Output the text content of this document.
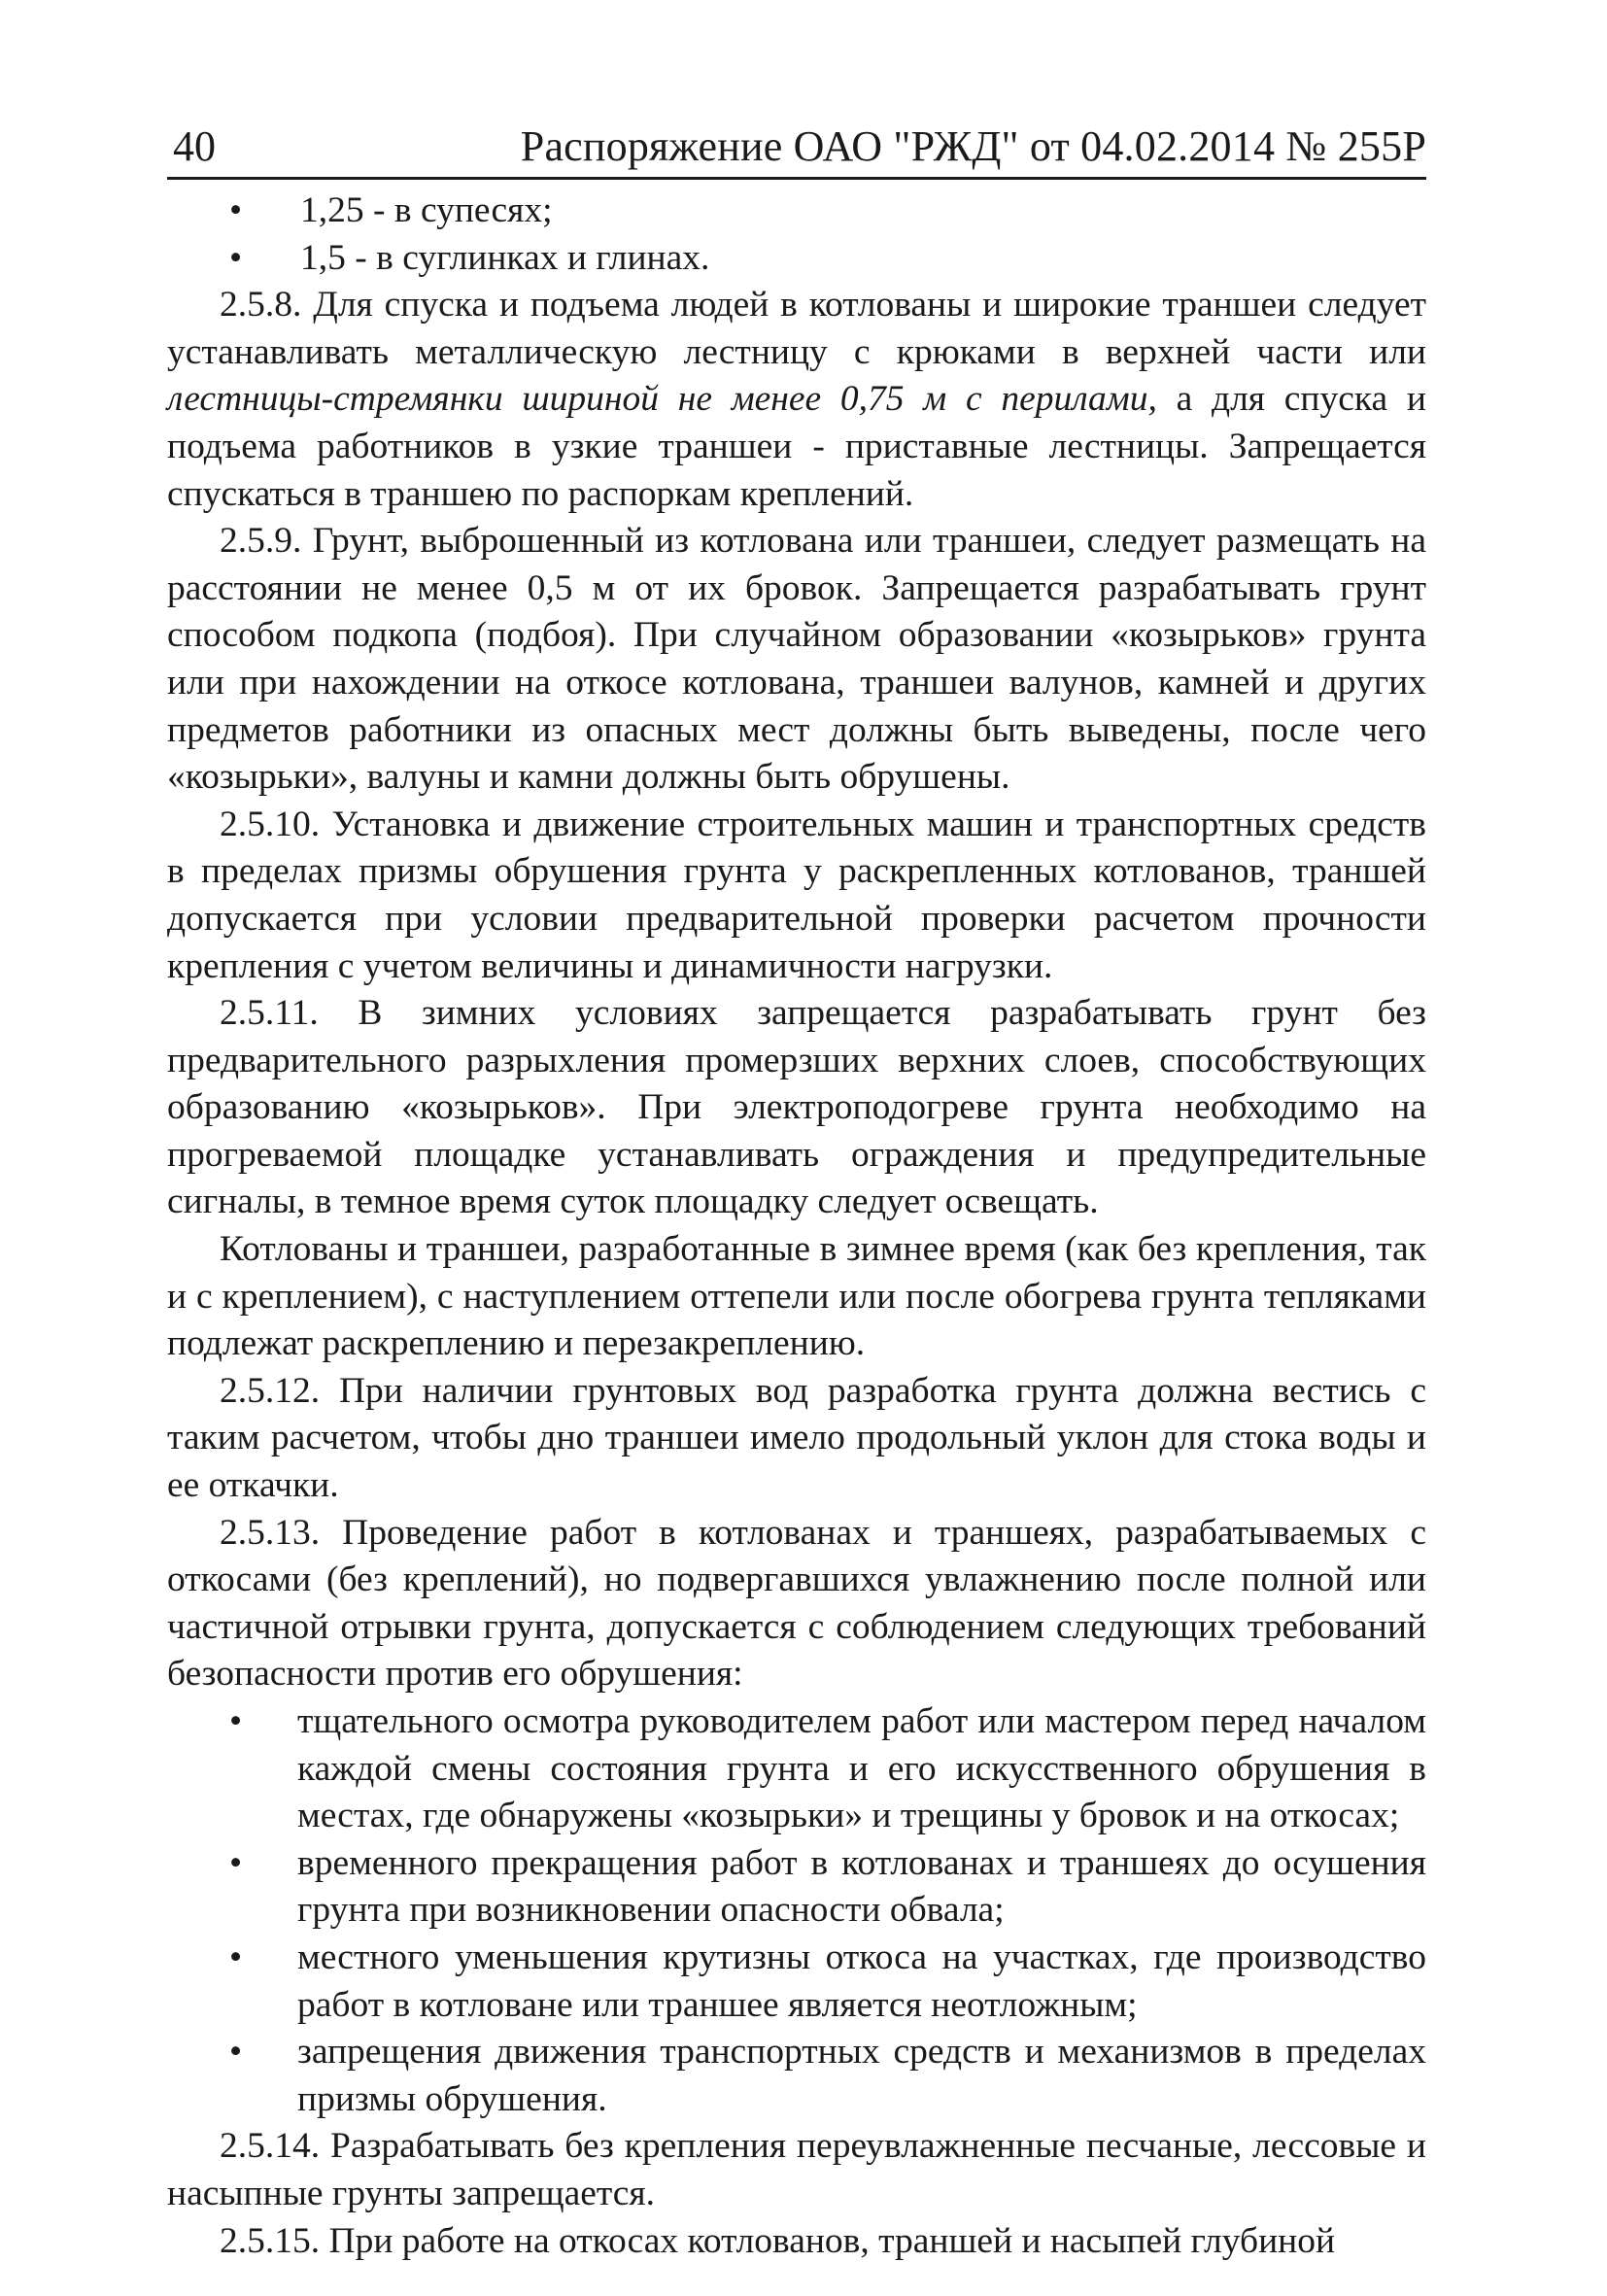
40	Распоряжение ОАО "РЖД" от 04.02.2014 № 255Р
• 1,25 - в супесях;
• 1,5 - в суглинках и глинах.

2.5.8. Для спуска и подъема людей в котлованы и широкие траншеи следует устанавливать металлическую лестницу с крюками в верхней части или лестницы-стремянки шириной не менее 0,75 м с перилами, а для спуска и подъема работников в узкие траншеи - приставные лестницы. Запрещается спускаться в траншею по распоркам креплений.

2.5.9. Грунт, выброшенный из котлована или траншеи, следует размещать на расстоянии не менее 0,5 м от их бровок. Запрещается разрабатывать грунт способом подкопа (подбоя). При случайном образовании «козырьков» грунта или при нахождении на откосе котлована, траншеи валунов, камней и других предметов работники из опасных мест должны быть выведены, после чего «козырьки», валуны и камни должны быть обрушены.

2.5.10. Установка и движение строительных машин и транспортных средств в пределах призмы обрушения грунта у раскрепленных котлованов, траншей допускается при условии предварительной проверки расчетом прочности крепления с учетом величины и динамичности нагрузки.

2.5.11. В зимних условиях запрещается разрабатывать грунт без предварительного разрыхления промерзших верхних слоев, способствующих образованию «козырьков». При электроподогреве грунта необходимо на прогреваемой площадке устанавливать ограждения и предупредительные сигналы, в темное время суток площадку следует освещать.

Котлованы и траншеи, разработанные в зимнее время (как без крепления, так и с креплением), с наступлением оттепели или после обогрева грунта тепляками подлежат раскреплению и перезакреплению.

2.5.12. При наличии грунтовых вод разработка грунта должна вестись с таким расчетом, чтобы дно траншеи имело продольный уклон для стока воды и ее откачки.

2.5.13. Проведение работ в котлованах и траншеях, разрабатываемых с откосами (без креплений), но подвергавшихся увлажнению после полной или частичной отрывки грунта, допускается с соблюдением следующих требований безопасности против его обрушения:

• тщательного осмотра руководителем работ или мастером перед началом каждой смены состояния грунта и его искусственного обрушения в местах, где обнаружены «козырьки» и трещины у бровок и на откосах;
• временного прекращения работ в котлованах и траншеях до осушения грунта при возникновении опасности обвала;
• местного уменьшения крутизны откоса на участках, где производство работ в котловане или траншее является неотложным;
• запрещения движения транспортных средств и механизмов в пределах призмы обрушения.

2.5.14. Разрабатывать без крепления переувлажненные песчаные, лессовые и насыпные грунты запрещается.

2.5.15. При работе на откосах котлованов, траншей и насыпей глубиной
